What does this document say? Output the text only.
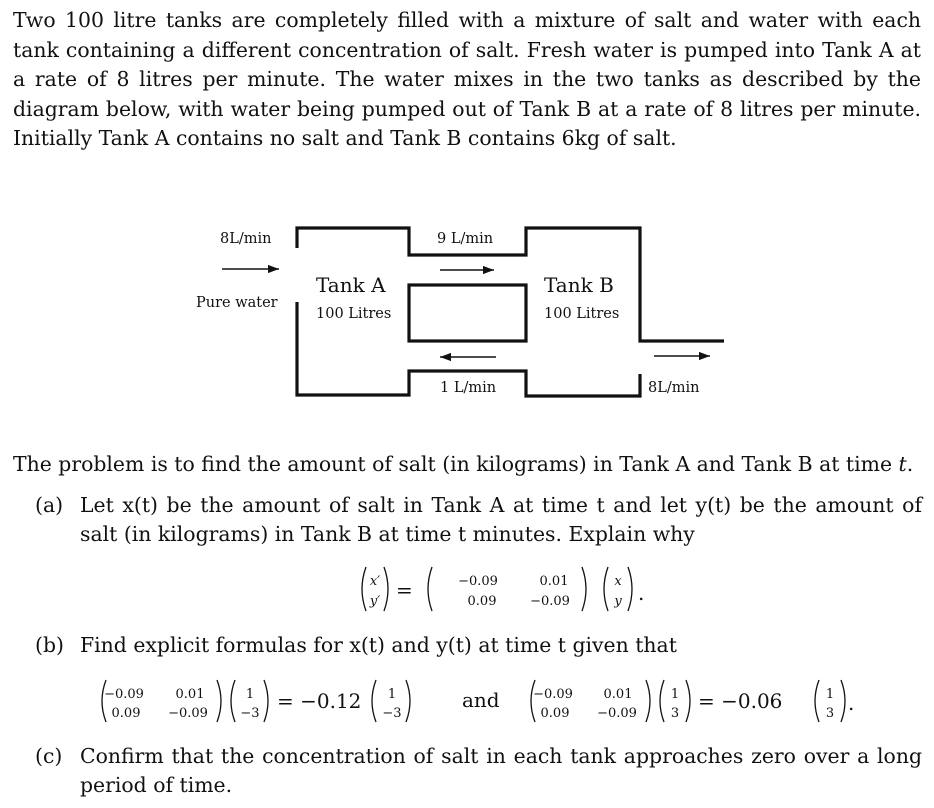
Two 100 litre tanks are completely filled with a mixture of salt and water with each tank containing a different concentration of salt. Fresh water is pumped into Tank A at a rate of 8 litres per minute. The water mixes in the two tanks as described by the diagram below, with water being pumped out of Tank B at a rate of 8 litres per minute. Initially Tank A contains no salt and Tank B contains 6kg of salt.

8L/min
Pure water
Tank A
100 Litres
9 L/min
1 L/min
Tank B
100 Litres
8L/min
x′
y′
−0.09	0.01
0.09	−0.09
x
y
−0.09 0.01
0.09 −0.09
1
−3
1
−3
−0.09 0.01
0.09 −0.09
1
3
1
3
=	.
= −0.12	and	= −0.06	.

The problem is to find the amount of salt (in kilograms) in Tank A and Tank B at time t.

(a) Let x(t) be the amount of salt in Tank A at time t and let y(t) be the amount of

salt (in kilograms) in Tank B at time t minutes. Explain why

(b) Find explicit formulas for x(t) and y(t) at time t given that

(c) Confirm that the concentration of salt in each tank approaches zero over a long

period of time.
